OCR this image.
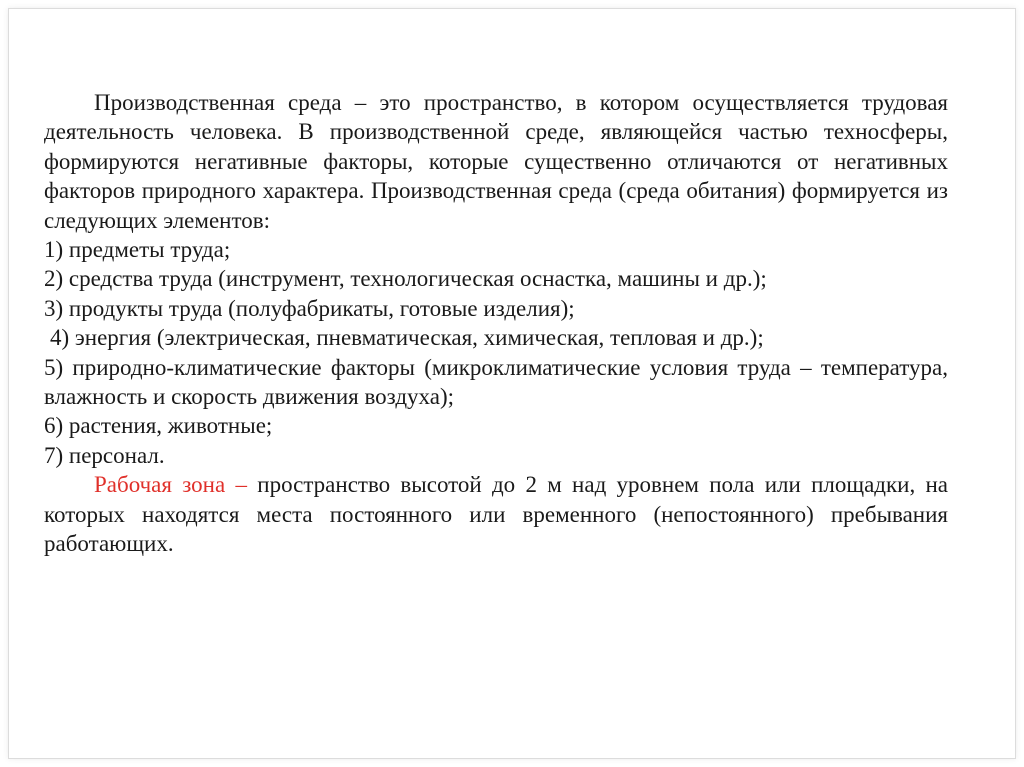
Производственная среда – это пространство, в котором осуществляется трудовая деятельность человека. В производственной среде, являющейся частью техносферы, формируются негативные факторы, которые существенно отличаются от негативных факторов природного характера. Производственная среда (среда обитания) формируется из следующих элементов:

1) предметы труда;

2) средства труда (инструмент, технологическая оснастка, машины и др.);

3) продукты труда (полуфабрикаты, готовые изделия);

4) энергия (электрическая, пневматическая, химическая, тепловая и др.);

5) природно-климатические факторы (микроклиматические условия труда – температура, влажность и скорость движения воздуха);

6) растения, животные;

7) персонал.

Рабочая зона – пространство высотой до 2 м над уровнем пола или площадки, на которых находятся места постоянного или временного (непостоянного) пребывания работающих.
